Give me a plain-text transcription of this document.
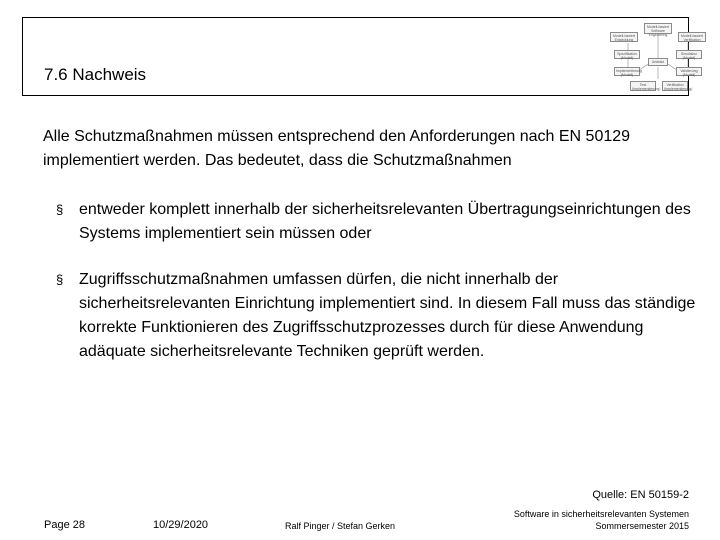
7.6 Nachweis
Modell-basiert Software Engineering
Modell-basiert Entwicklung
Modell-basiert Verifikation
Spezifikation (Modell)
Simulation (Modell)
Implementierung (Modell)
Validierung (Modell)
Artefakt
Test (Implementierung)
Verifikation (Implementierung)
Alle Schutzmaßnahmen müssen entsprechend den Anforderungen nach EN 50129 implementiert werden. Das bedeutet, dass die Schutzmaßnahmen
§ entweder komplett innerhalb der sicherheitsrelevanten Übertragungseinrichtungen des Systems implementiert sein müssen oder
§ Zugriffsschutzmaßnahmen umfassen dürfen, die nicht innerhalb der sicherheitsrelevanten Einrichtung implementiert sind. In diesem Fall muss das ständige korrekte Funktionieren des Zugriffsschutzprozesses durch für diese Anwendung adäquate sicherheitsrelevante Techniken geprüft werden.
Quelle: EN 50159-2
Page 28	10/29/2020	Ralf Pinger / Stefan Gerken
Software in sicherheitsrelevanten Systemen
Sommersemester 2015
